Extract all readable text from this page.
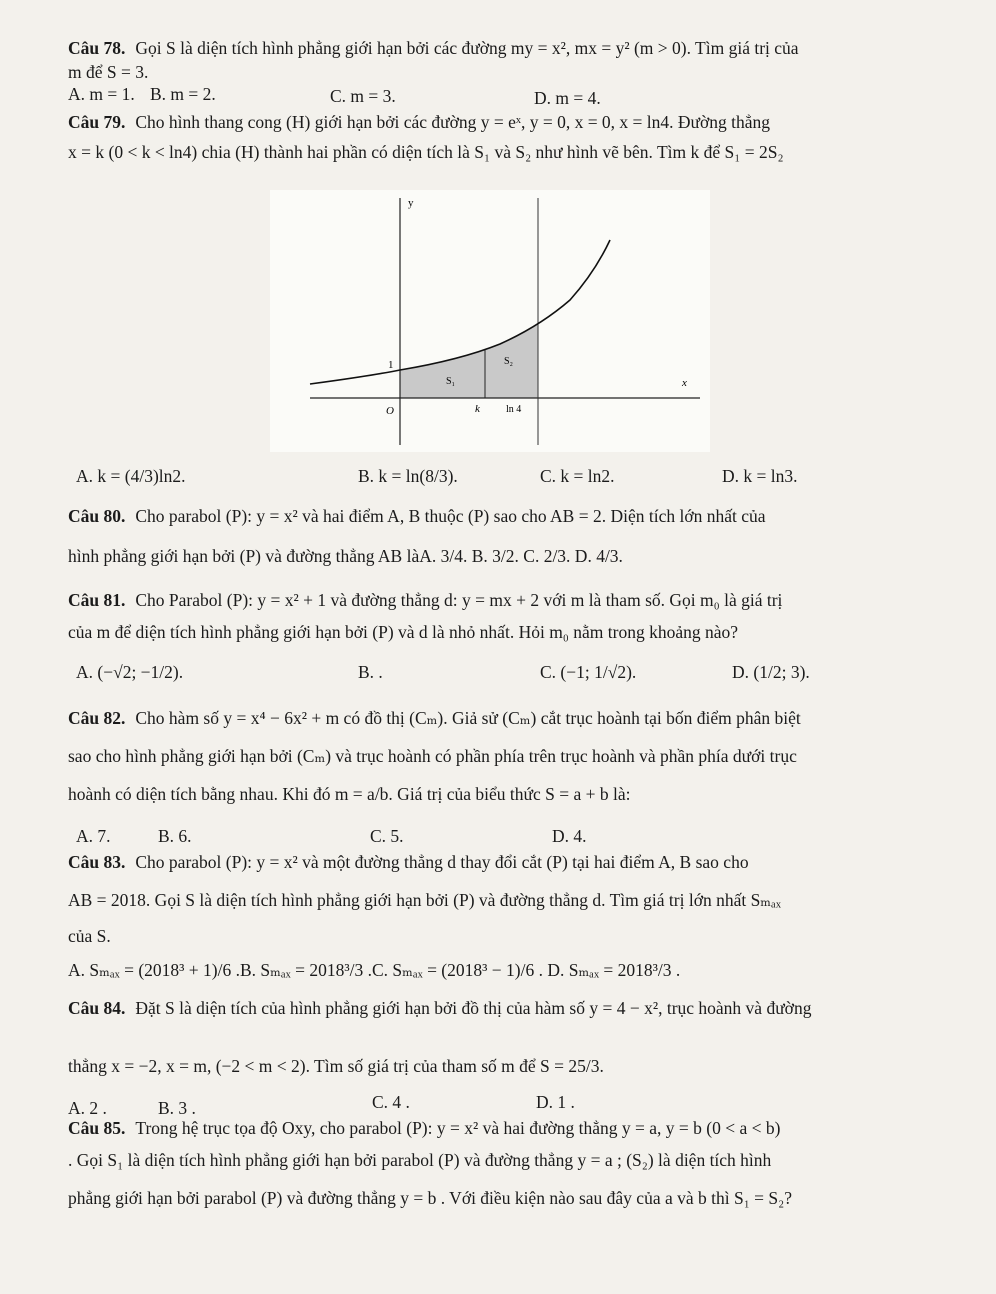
Câu 78. Gọi S là diện tích hình phẳng giới hạn bởi các đường my = x², mx = y² (m > 0). Tìm giá trị của
m để S = 3.
A. m = 1. B. m = 2.	C. m = 3.	D. m = 4.
Câu 79. Cho hình thang cong (H) giới hạn bởi các đường y = eˣ, y = 0, x = 0, x = ln4. Đường thẳng
x = k (0 < k < ln4) chia (H) thành hai phần có diện tích là S₁ và S₂ như hình vẽ bên. Tìm k để S₁ = 2S₂
y
x
O
1
k	ln 4
S₁
S₂
A. k = (4/3)ln2.	B. k = ln(8/3).	C. k = ln2.	D. k = ln3.
Câu 80. Cho parabol (P): y = x² và hai điểm A, B thuộc (P) sao cho AB = 2. Diện tích lớn nhất của
hình phẳng giới hạn bởi (P) và đường thẳng AB làA. 3/4. B. 3/2. C. 2/3. D. 4/3.
Câu 81. Cho Parabol (P): y = x² + 1 và đường thẳng d: y = mx + 2 với m là tham số. Gọi m₀ là giá trị
của m để diện tích hình phẳng giới hạn bởi (P) và d là nhỏ nhất. Hỏi m₀ nằm trong khoảng nào?
A. (−√2; −1/2).	B. .	C. (−1; 1/√2).	D. (1/2; 3).
Câu 82. Cho hàm số y = x⁴ − 6x² + m có đồ thị (Cₘ). Giả sử (Cₘ) cắt trục hoành tại bốn điểm phân biệt
sao cho hình phẳng giới hạn bởi (Cₘ) và trục hoành có phần phía trên trục hoành và phần phía dưới trục
hoành có diện tích bằng nhau. Khi đó m = a/b. Giá trị của biểu thức S = a + b là:
A. 7.	B. 6.	C. 5.	D. 4.
Câu 83. Cho parabol (P): y = x² và một đường thẳng d thay đổi cắt (P) tại hai điểm A, B sao cho
AB = 2018. Gọi S là diện tích hình phẳng giới hạn bởi (P) và đường thẳng d. Tìm giá trị lớn nhất Sₘₐₓ
của S.
A. Sₘₐₓ = (2018³ + 1)/6 .B. Sₘₐₓ = 2018³/3 .C. Sₘₐₓ = (2018³ − 1)/6 . D. Sₘₐₓ = 2018³/3 .
Câu 84. Đặt S là diện tích của hình phẳng giới hạn bởi đồ thị của hàm số y = 4 − x², trục hoành và đường
thẳng x = −2, x = m, (−2 < m < 2). Tìm số giá trị của tham số m để S = 25/3.
A. 2 .	B. 3 .	C. 4 .	D. 1 .
Câu 85. Trong hệ trục tọa độ Oxy, cho parabol (P): y = x² và hai đường thẳng y = a, y = b (0 < a < b)
. Gọi S₁ là diện tích hình phẳng giới hạn bởi parabol (P) và đường thẳng y = a ; (S₂) là diện tích hình
phẳng giới hạn bởi parabol (P) và đường thẳng y = b . Với điều kiện nào sau đây của a và b thì S₁ = S₂?
